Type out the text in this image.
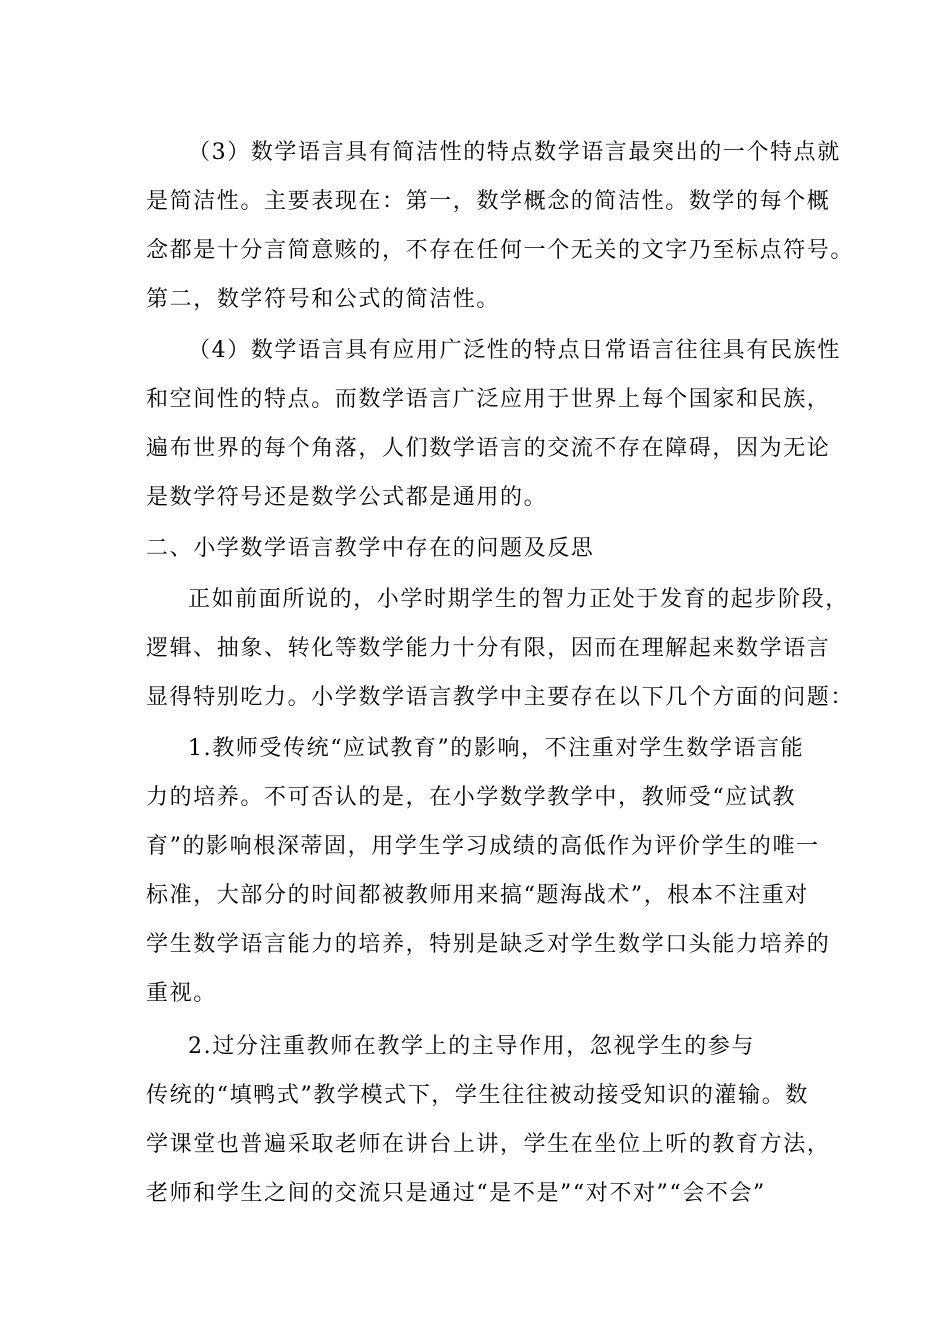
（3）数学语言具有简洁性的特点数学语言最突出的一个特点就
是简洁性。主要表现在：第一，数学概念的简洁性。数学的每个概
念都是十分言简意赅的，不存在任何一个无关的文字乃至标点符号。
第二，数学符号和公式的简洁性。
（4）数学语言具有应用广泛性的特点日常语言往往具有民族性
和空间性的特点。而数学语言广泛应用于世界上每个国家和民族，
遍布世界的每个角落，人们数学语言的交流不存在障碍，因为无论
是数学符号还是数学公式都是通用的。
二、小学数学语言教学中存在的问题及反思
正如前面所说的，小学时期学生的智力正处于发育的起步阶段，
逻辑、抽象、转化等数学能力十分有限，因而在理解起来数学语言
显得特别吃力。小学数学语言教学中主要存在以下几个方面的问题：
1.教师受传统“应试教育”的影响，不注重对学生数学语言能
力的培养。不可否认的是，在小学数学教学中，教师受“应试教
育”的影响根深蒂固，用学生学习成绩的高低作为评价学生的唯一
标准，大部分的时间都被教师用来搞“题海战术”，根本不注重对
学生数学语言能力的培养，特别是缺乏对学生数学口头能力培养的
重视。
2.过分注重教师在教学上的主导作用，忽视学生的参与
传统的“填鸭式”教学模式下，学生往往被动接受知识的灌输。数
学课堂也普遍采取老师在讲台上讲，学生在坐位上听的教育方法，
老师和学生之间的交流只是通过“是不是”“对不对”“会不会”
